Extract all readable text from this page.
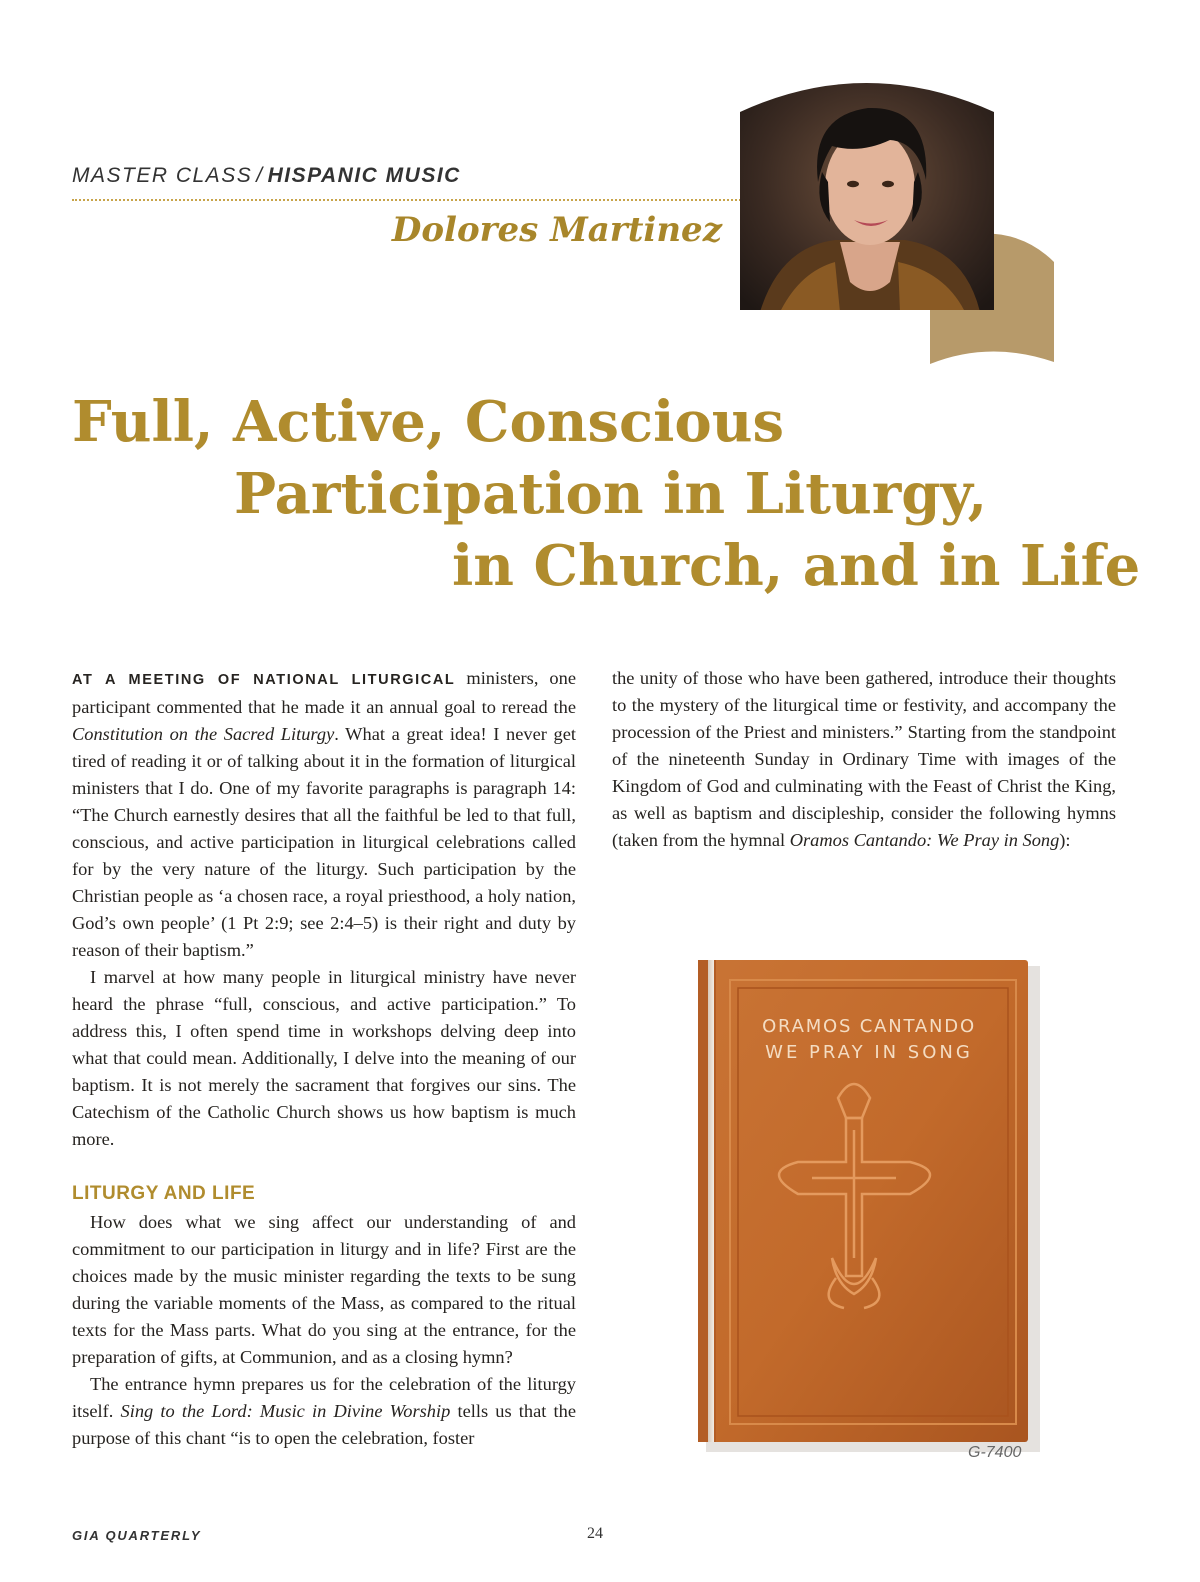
MASTER CLASS / HISPANIC MUSIC
Dolores Martinez
Full, Active, Conscious
Participation in Liturgy,
in Church, and in Life

AT A MEETING OF NATIONAL LITURGICAL ministers, one participant commented that he made it an annual goal to reread the Constitution on the Sacred Liturgy. What a great idea! I never get tired of reading it or of talking about it in the formation of liturgical ministers that I do. One of my favorite paragraphs is paragraph 14: “The Church earnestly desires that all the faithful be led to that full, conscious, and active participation in liturgical celebrations called for by the very nature of the liturgy. Such participation by the Christian people as ‘a chosen race, a royal priesthood, a holy nation, God’s own people’ (1 Pt 2:9; see 2:4–5) is their right and duty by reason of their baptism.”

I marvel at how many people in liturgical ministry have never heard the phrase “full, conscious, and active participation.” To address this, I often spend time in workshops delving deep into what that could mean. Additionally, I delve into the meaning of our baptism. It is not merely the sacrament that forgives our sins. The Catechism of the Catholic Church shows us how baptism is much more.

LITURGY AND LIFE

How does what we sing affect our understanding of and commitment to our participation in liturgy and in life? First are the choices made by the music minister regarding the texts to be sung during the variable moments of the Mass, as compared to the ritual texts for the Mass parts. What do you sing at the entrance, for the preparation of gifts, at Communion, and as a closing hymn?

The entrance hymn prepares us for the celebration of the liturgy itself. Sing to the Lord: Music in Divine Worship tells us that the purpose of this chant “is to open the celebration, foster

the unity of those who have been gathered, introduce their thoughts to the mystery of the liturgical time or festivity, and accompany the procession of the Priest and ministers.” Starting from the standpoint of the nineteenth Sunday in Ordinary Time with images of the Kingdom of God and culminating with the Feast of Christ the King, as well as baptism and discipleship, consider the following hymns (taken from the hymnal Oramos Cantando: We Pray in Song):

ORAMOS CANTANDO
WE PRAY IN SONG
G-7400
GIA QUARTERLY	24
